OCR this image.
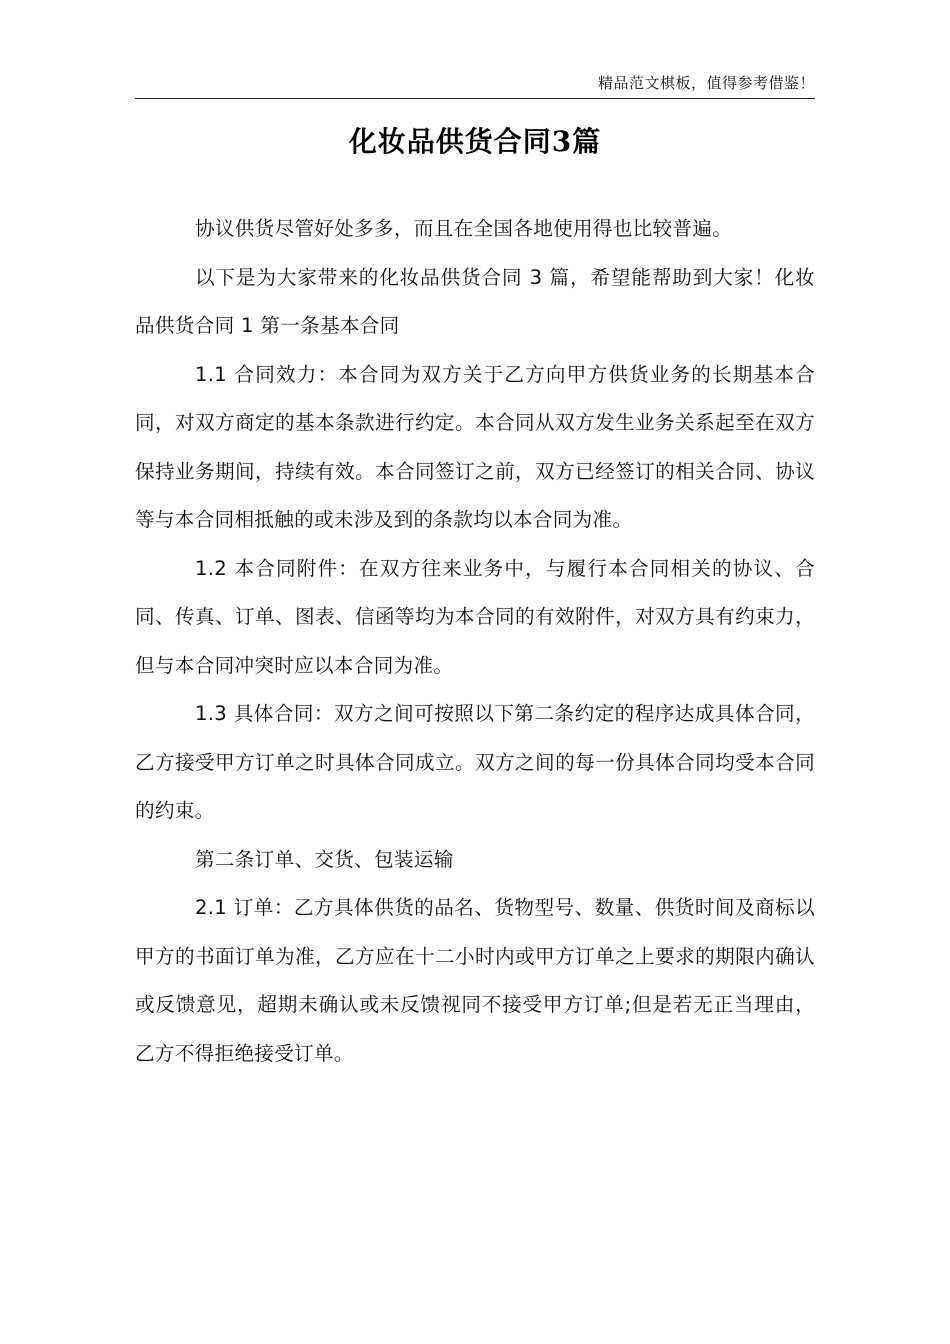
精品范文棋板，值得参考借鉴！
化妆品供货合同3篇

协议供货尽管好处多多，而且在全国各地使用得也比较普遍。

以下是为大家带来的化妆品供货合同 3 篇，希望能帮助到大家！化妆品供货合同 1 第一条基本合同

1.1 合同效力：本合同为双方关于乙方向甲方供货业务的长期基本合同，对双方商定的基本条款进行约定。本合同从双方发生业务关系起至在双方保持业务期间，持续有效。本合同签订之前，双方已经签订的相关合同、协议等与本合同相抵触的或未涉及到的条款均以本合同为准。

1.2 本合同附件：在双方往来业务中，与履行本合同相关的协议、合同、传真、订单、图表、信函等均为本合同的有效附件，对双方具有约束力，但与本合同冲突时应以本合同为准。

1.3 具体合同：双方之间可按照以下第二条约定的程序达成具体合同，乙方接受甲方订单之时具体合同成立。双方之间的每一份具体合同均受本合同的约束。

第二条订单、交货、包装运输

2.1 订单：乙方具体供货的品名、货物型号、数量、供货时间及商标以甲方的书面订单为准，乙方应在十二小时内或甲方订单之上要求的期限内确认或反馈意见，超期未确认或未反馈视同不接受甲方订单;但是若无正当理由，乙方不得拒绝接受订单。
